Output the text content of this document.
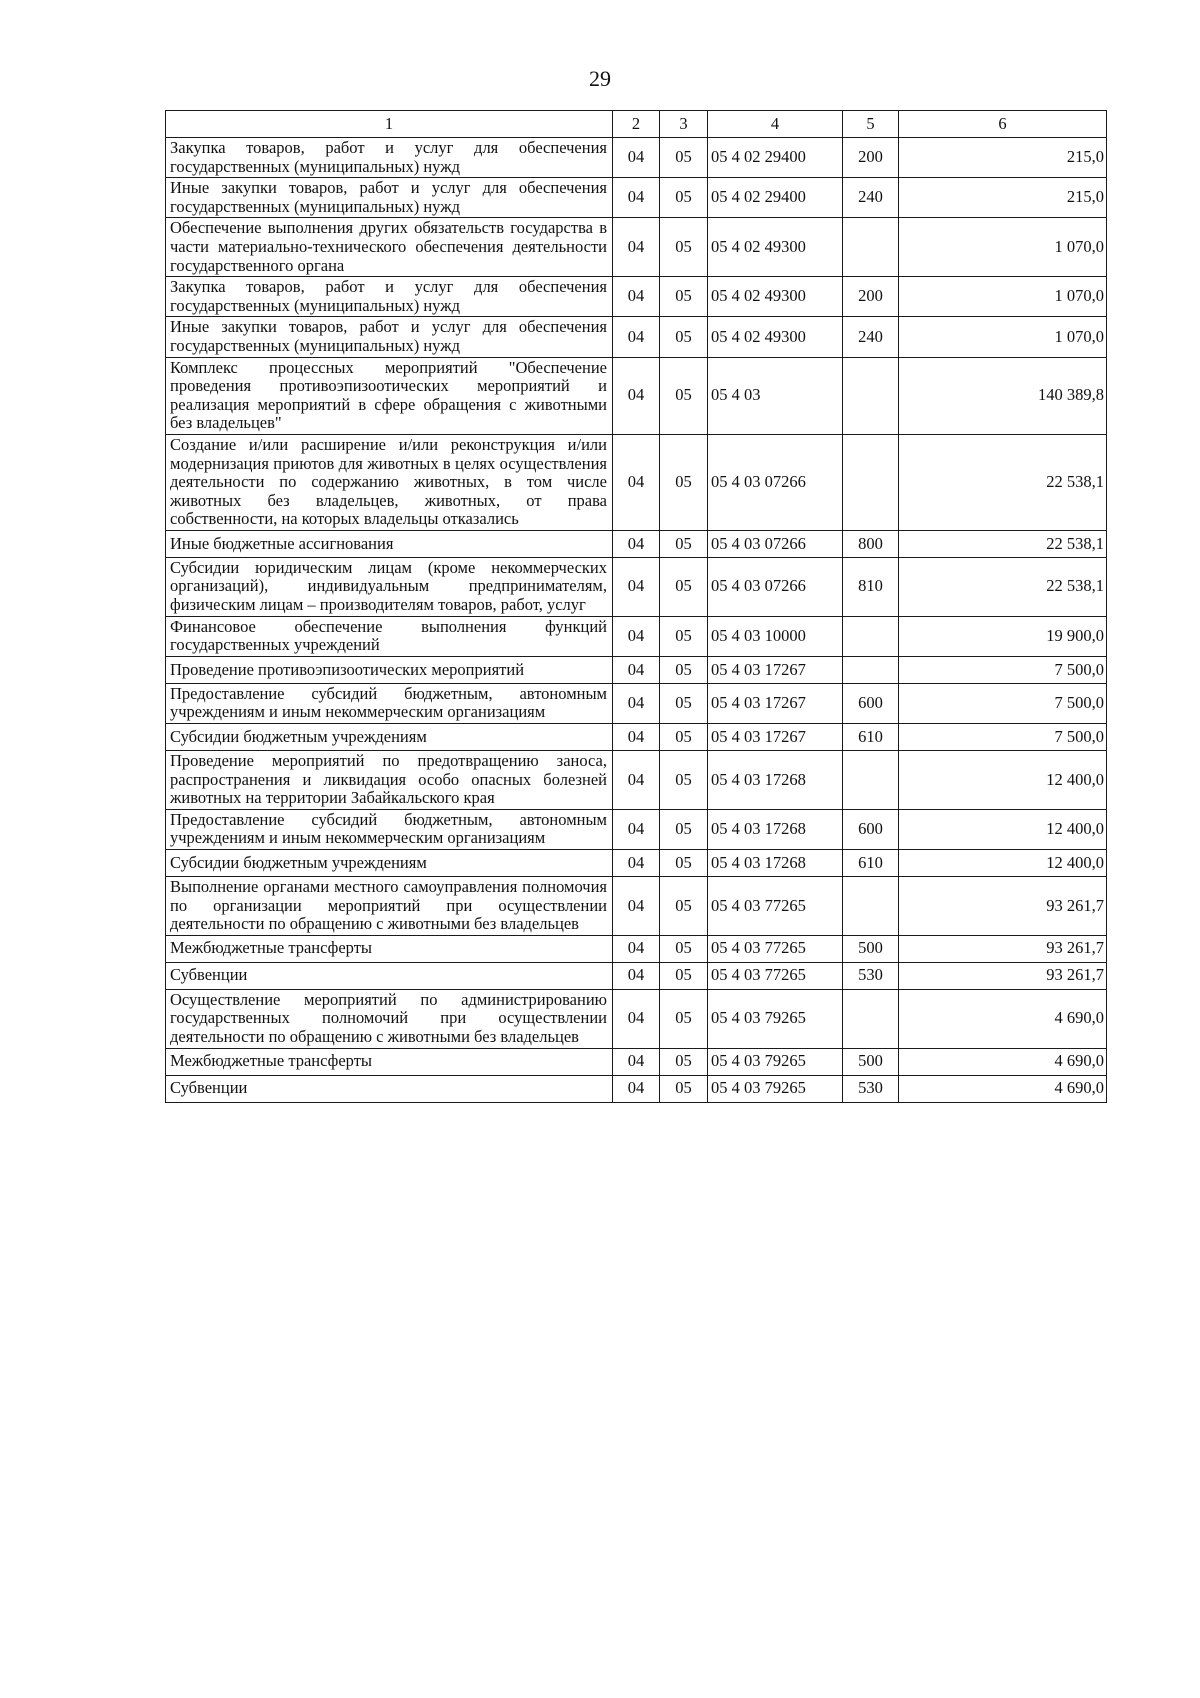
29
1	2	3	4	5	6
Закупка товаров, работ и услуг для обеспечения государственных (муниципальных) нужд	04	05	05 4 02 29400	200	215,0
Иные закупки товаров, работ и услуг для обеспечения государственных (муниципальных) нужд	04	05	05 4 02 29400	240	215,0
Обеспечение выполнения других обязательств государства в части материально-технического обеспечения деятельности государственного органа	04	05	05 4 02 49300		1 070,0
Закупка товаров, работ и услуг для обеспечения государственных (муниципальных) нужд	04	05	05 4 02 49300	200	1 070,0
Иные закупки товаров, работ и услуг для обеспечения государственных (муниципальных) нужд	04	05	05 4 02 49300	240	1 070,0
Комплекс процессных мероприятий "Обеспечение проведения противоэпизоотических мероприятий и реализация мероприятий в сфере обращения с животными без владельцев"	04	05	05 4 03		140 389,8
Создание и/или расширение и/или реконструкция и/или модернизация приютов для животных в целях осуществления деятельности по содержанию животных, в том числе животных без владельцев, животных, от права собственности, на которых владельцы отказались	04	05	05 4 03 07266		22 538,1
Иные бюджетные ассигнования	04	05	05 4 03 07266	800	22 538,1
Субсидии юридическим лицам (кроме некоммерческих организаций), индивидуальным предпринимателям, физическим лицам – производителям товаров, работ, услуг	04	05	05 4 03 07266	810	22 538,1
Финансовое обеспечение выполнения функций государственных учреждений	04	05	05 4 03 10000		19 900,0
Проведение противоэпизоотических мероприятий	04	05	05 4 03 17267		7 500,0
Предоставление субсидий бюджетным, автономным учреждениям и иным некоммерческим организациям	04	05	05 4 03 17267	600	7 500,0
Субсидии бюджетным учреждениям	04	05	05 4 03 17267	610	7 500,0
Проведение мероприятий по предотвращению заноса, распространения и ликвидация особо опасных болезней животных на территории Забайкальского края	04	05	05 4 03 17268		12 400,0
Предоставление субсидий бюджетным, автономным учреждениям и иным некоммерческим организациям	04	05	05 4 03 17268	600	12 400,0
Субсидии бюджетным учреждениям	04	05	05 4 03 17268	610	12 400,0
Выполнение органами местного самоуправления полномочия по организации мероприятий при осуществлении деятельности по обращению с животными без владельцев	04	05	05 4 03 77265		93 261,7
Межбюджетные трансферты	04	05	05 4 03 77265	500	93 261,7
Субвенции	04	05	05 4 03 77265	530	93 261,7
Осуществление мероприятий по администрированию государственных полномочий при осуществлении деятельности по обращению с животными без владельцев	04	05	05 4 03 79265		4 690,0
Межбюджетные трансферты	04	05	05 4 03 79265	500	4 690,0
Субвенции	04	05	05 4 03 79265	530	4 690,0
